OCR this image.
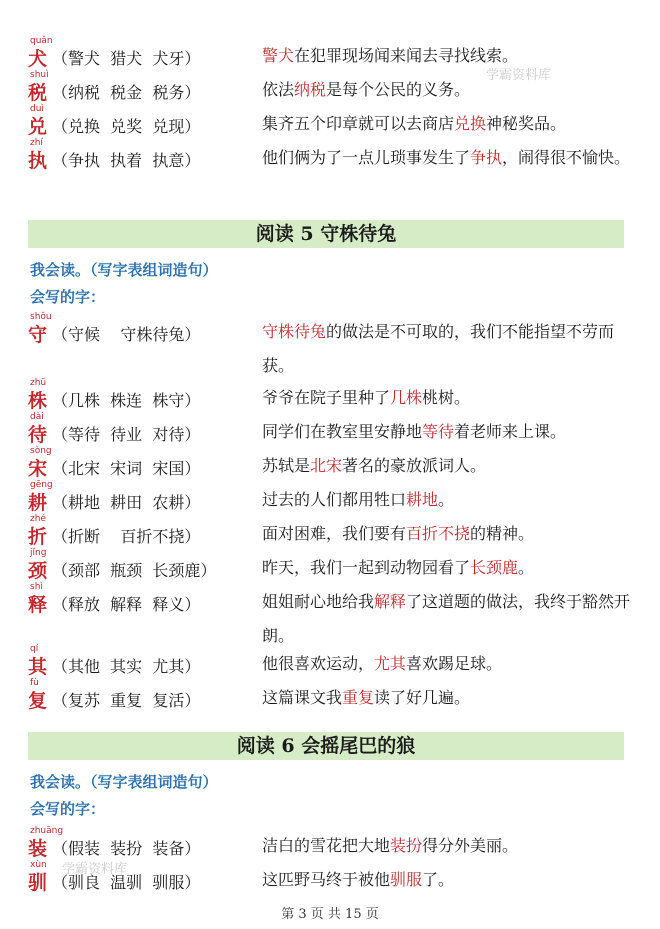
quǎn
犬 （警犬  猎犬  犬牙）	警犬在犯罪现场闻来闻去寻找线索。
shuì
税 （纳税  税金  税务）	依法纳税是每个公民的义务。
duì
兑 （兑换  兑奖  兑现）	集齐五个印章就可以去商店兑换神秘奖品。
zhí
执 （争执  执着  执意）	他们俩为了一点儿琐事发生了争执，闹得很不愉快。
阅读 5 守株待兔
我会读。（写字表组词造句）
会写的字：
shǒu
守 （守候    守株待兔）	守株待兔的做法是不可取的，我们不能指望不劳而获。
zhū
株 （几株  株连  株守）	爷爷在院子里种了几株桃树。
dài
待 （等待  待业  对待）	同学们在教室里安静地等待着老师来上课。
sòng
宋 （北宋  宋词  宋国）	苏轼是北宋著名的豪放派词人。
gēng
耕 （耕地  耕田  农耕）	过去的人们都用牲口耕地。
zhé
折 （折断    百折不挠）	面对困难，我们要有百折不挠的精神。
jǐng
颈 （颈部  瓶颈  长颈鹿）	昨天，我们一起到动物园看了长颈鹿。
shì
释 （释放  解释  释义）	姐姐耐心地给我解释了这道题的做法，我终于豁然开朗。
qí
其 （其他  其实  尤其）	他很喜欢运动，尤其喜欢踢足球。
fù
复 （复苏  重复  复活）	这篇课文我重复读了好几遍。
阅读 6 会摇尾巴的狼
我会读。（写字表组词造句）
会写的字：
zhuāng
装 （假装  装扮  装备）	洁白的雪花把大地装扮得分外美丽。
xùn
驯 （驯良  温驯  驯服）	这匹野马终于被他驯服了。
学霸资料库
学霸资料库
第 3 页 共 15 页
